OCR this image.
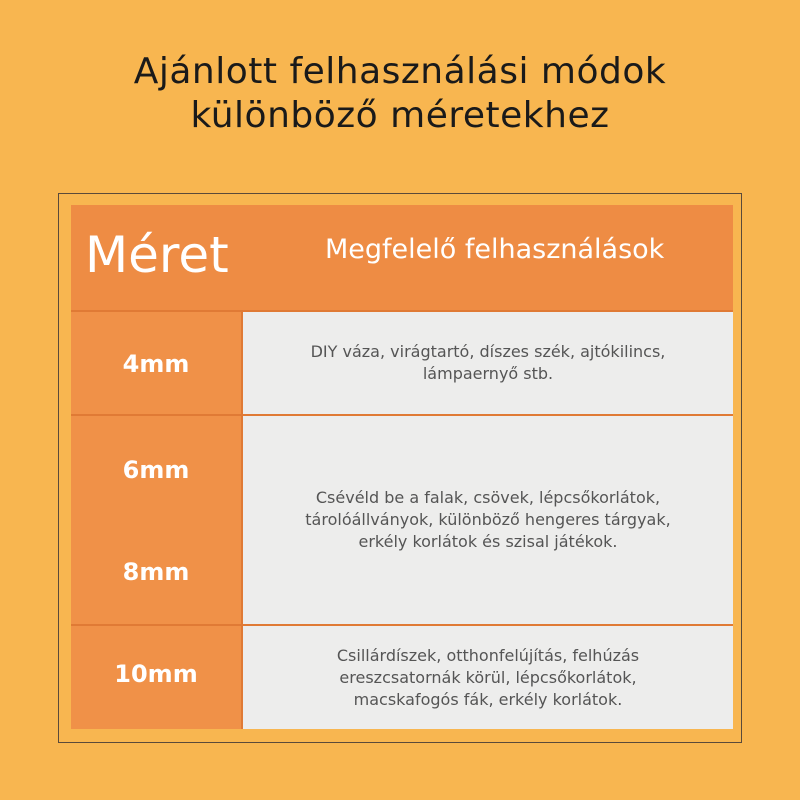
Ajánlott felhasználási módok
különböző méretekhez
Méret	Megfelelő felhasználások
4mm	DIY váza, virágtartó, díszes szék, ajtókilincs,
lámpaernyő stb.
6mm
8mm
Csévéld be a falak, csövek, lépcsőkorlátok,
tárolóállványok, különböző hengeres tárgyak,
erkély korlátok és szisal játékok.
10mm
Csillárdíszek, otthonfelújítás, felhúzás
ereszcsatornák körül, lépcsőkorlátok,
macskafogós fák, erkély korlátok.
